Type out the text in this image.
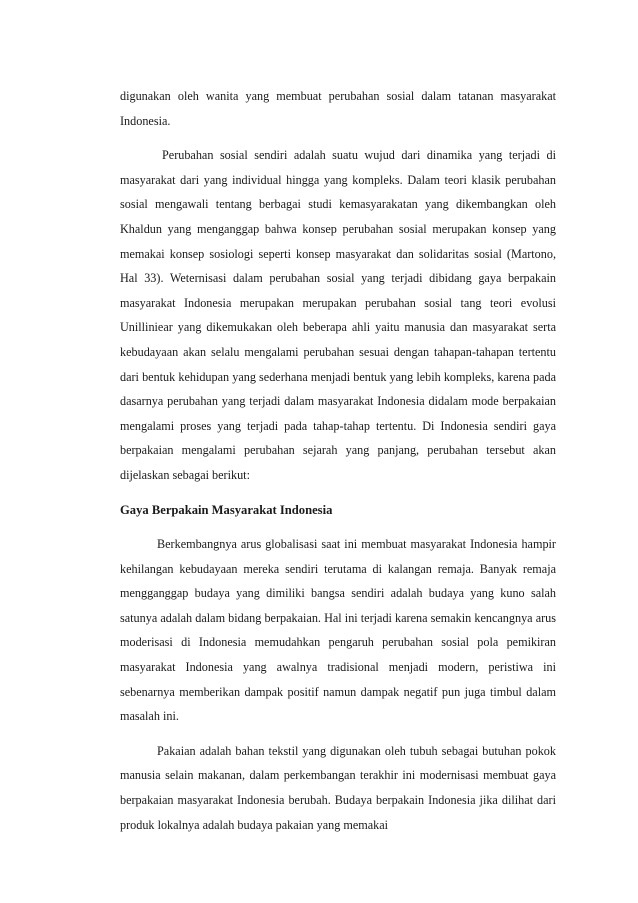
digunakan oleh wanita yang membuat perubahan sosial dalam tatanan masyarakat Indonesia.

Perubahan sosial sendiri adalah suatu wujud dari dinamika yang terjadi di masyarakat dari yang individual hingga yang kompleks. Dalam teori klasik perubahan sosial mengawali tentang berbagai studi kemasyarakatan yang dikembangkan oleh Khaldun yang menganggap bahwa konsep perubahan sosial merupakan konsep yang memakai konsep sosiologi seperti konsep masyarakat dan solidaritas sosial (Martono, Hal 33). Weternisasi dalam perubahan sosial yang terjadi dibidang gaya berpakain masyarakat Indonesia merupakan merupakan perubahan sosial tang teori evolusi Unilliniear yang dikemukakan oleh beberapa ahli yaitu manusia dan masyarakat serta kebudayaan akan selalu mengalami perubahan sesuai dengan tahapan-tahapan tertentu dari bentuk kehidupan yang sederhana menjadi bentuk yang lebih kompleks, karena pada dasarnya perubahan yang terjadi dalam masyarakat Indonesia didalam mode berpakaian mengalami proses yang terjadi pada tahap-tahap tertentu. Di Indonesia sendiri gaya berpakaian mengalami perubahan sejarah yang panjang, perubahan tersebut akan dijelaskan sebagai berikut:

Gaya Berpakain Masyarakat Indonesia

Berkembangnya arus globalisasi saat ini membuat masyarakat Indonesia hampir kehilangan kebudayaan mereka sendiri terutama di kalangan remaja. Banyak remaja mengganggap budaya yang dimiliki bangsa sendiri adalah budaya yang kuno salah satunya adalah dalam bidang berpakaian. Hal ini terjadi karena semakin kencangnya arus moderisasi di Indonesia memudahkan pengaruh perubahan sosial pola pemikiran masyarakat Indonesia yang awalnya tradisional menjadi modern, peristiwa ini sebenarnya memberikan dampak positif namun dampak negatif pun juga timbul dalam masalah ini.

Pakaian adalah bahan tekstil yang digunakan oleh tubuh sebagai butuhan pokok manusia selain makanan, dalam perkembangan terakhir ini modernisasi membuat gaya berpakaian masyarakat Indonesia berubah. Budaya berpakain Indonesia jika dilihat dari produk lokalnya adalah budaya pakaian yang memakai
